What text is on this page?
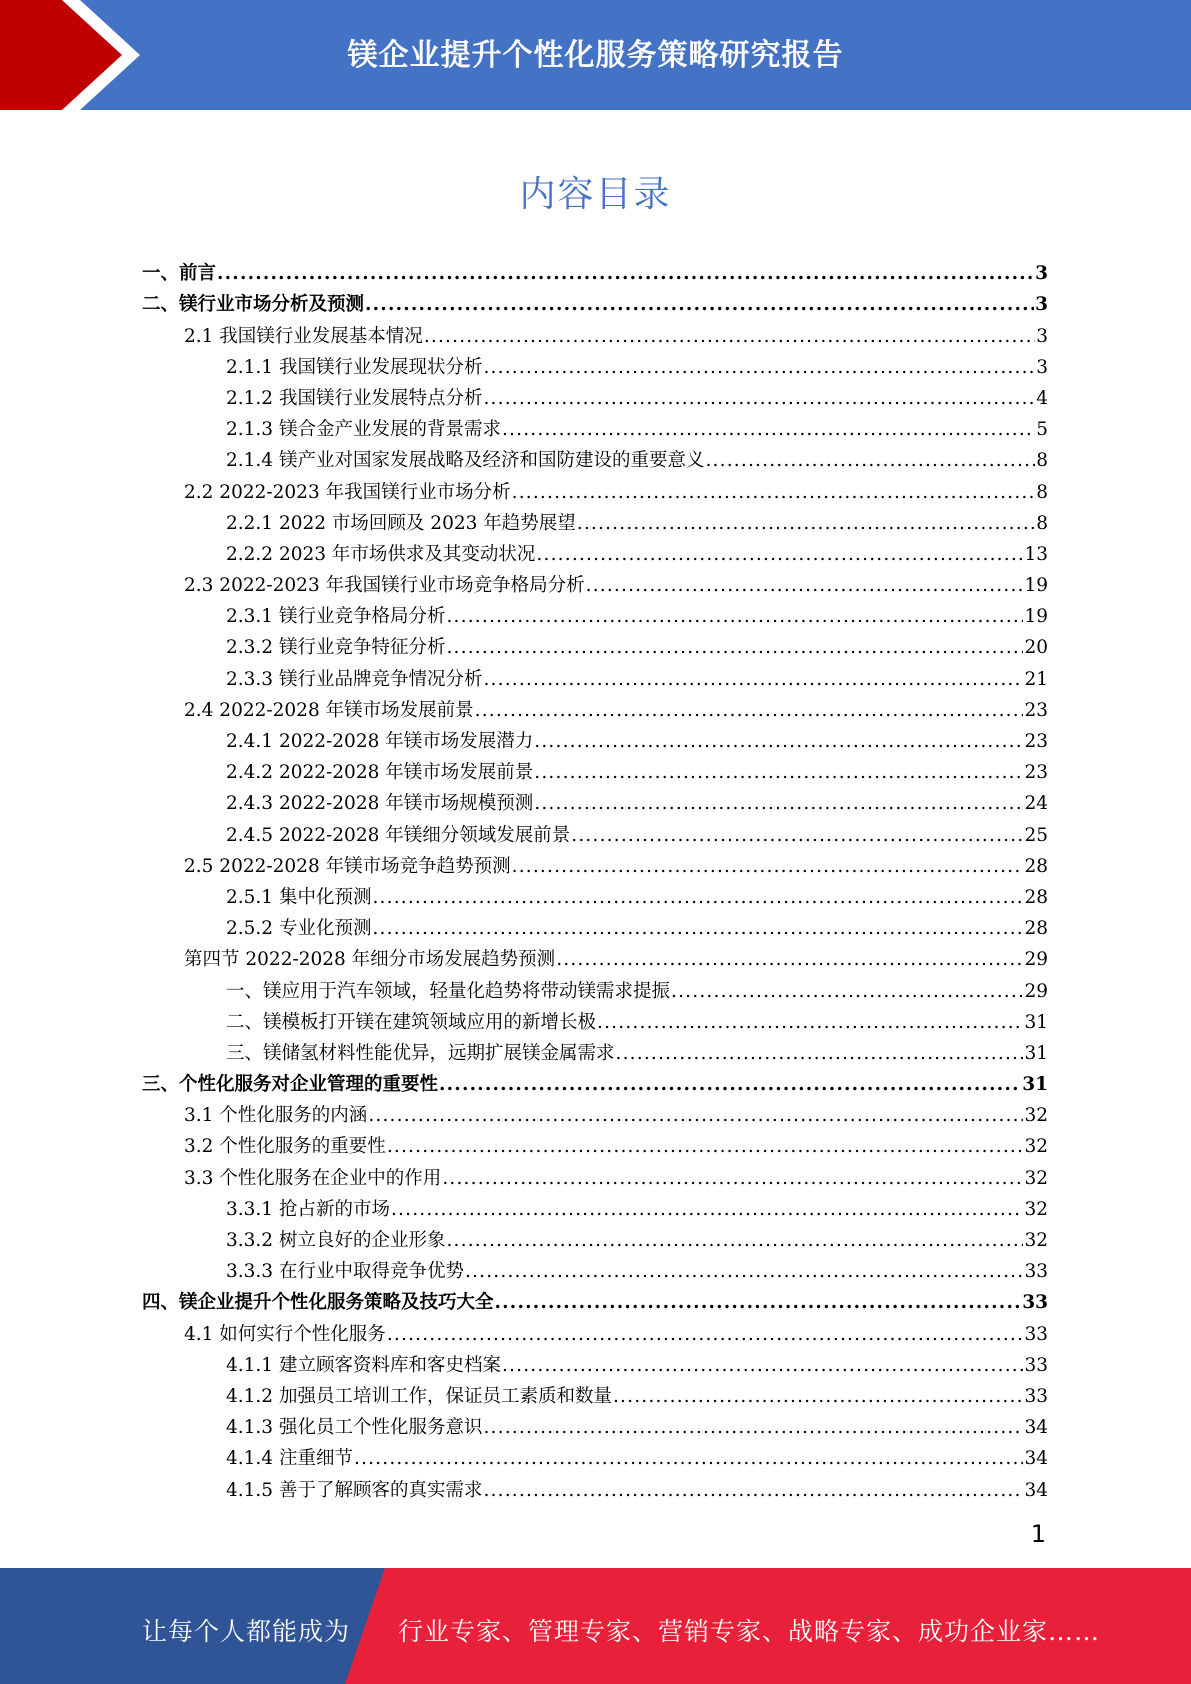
镁企业提升个性化服务策略研究报告
内容目录
一、前言 .....	3
二、镁行业市场分析及预测 .....	3
2.1 我国镁行业发展基本情况 .....	3
2.1.1 我国镁行业发展现状分析 .....	3
2.1.2 我国镁行业发展特点分析 .....	4
2.1.3 镁合金产业发展的背景需求 .....	5
2.1.4 镁产业对国家发展战略及经济和国防建设的重要意义 .....	8
2.2 2022-2023 年我国镁行业市场分析 .....	8
2.2.1 2022 市场回顾及 2023 年趋势展望 .....	8
2.2.2 2023 年市场供求及其变动状况 .....	13
2.3 2022-2023 年我国镁行业市场竞争格局分析 .....	19
2.3.1 镁行业竞争格局分析 .....	19
2.3.2 镁行业竞争特征分析 .....	20
2.3.3 镁行业品牌竞争情况分析 .....	21
2.4 2022-2028 年镁市场发展前景 .....	23
2.4.1 2022-2028 年镁市场发展潜力 .....	23
2.4.2 2022-2028 年镁市场发展前景 .....	23
2.4.3 2022-2028 年镁市场规模预测 .....	24
2.4.5 2022-2028 年镁细分领域发展前景 .....	25
2.5 2022-2028 年镁市场竞争趋势预测 .....	28
2.5.1 集中化预测 .....	28
2.5.2 专业化预测 .....	28
第四节 2022-2028 年细分市场发展趋势预测 .....	29
一、镁应用于汽车领域，轻量化趋势将带动镁需求提振 .....	29
二、镁模板打开镁在建筑领域应用的新增长极 .....	31
三、镁储氢材料性能优异，远期扩展镁金属需求 .....	31
三、个性化服务对企业管理的重要性 .....	31
3.1 个性化服务的内涵 .....	32
3.2 个性化服务的重要性 .....	32
3.3 个性化服务在企业中的作用 .....	32
3.3.1 抢占新的市场 .....	32
3.3.2 树立良好的企业形象 .....	32
3.3.3 在行业中取得竞争优势 .....	33
四、镁企业提升个性化服务策略及技巧大全 .....	33
4.1 如何实行个性化服务 .....	33
4.1.1 建立顾客资料库和客史档案 .....	33
4.1.2 加强员工培训工作，保证员工素质和数量 .....	33
4.1.3 强化员工个性化服务意识 .....	34
4.1.4 注重细节 .....	34
4.1.5 善于了解顾客的真实需求 .....	34
1
让每个人都能成为 行业专家、管理专家、营销专家、战略专家、成功企业家……
